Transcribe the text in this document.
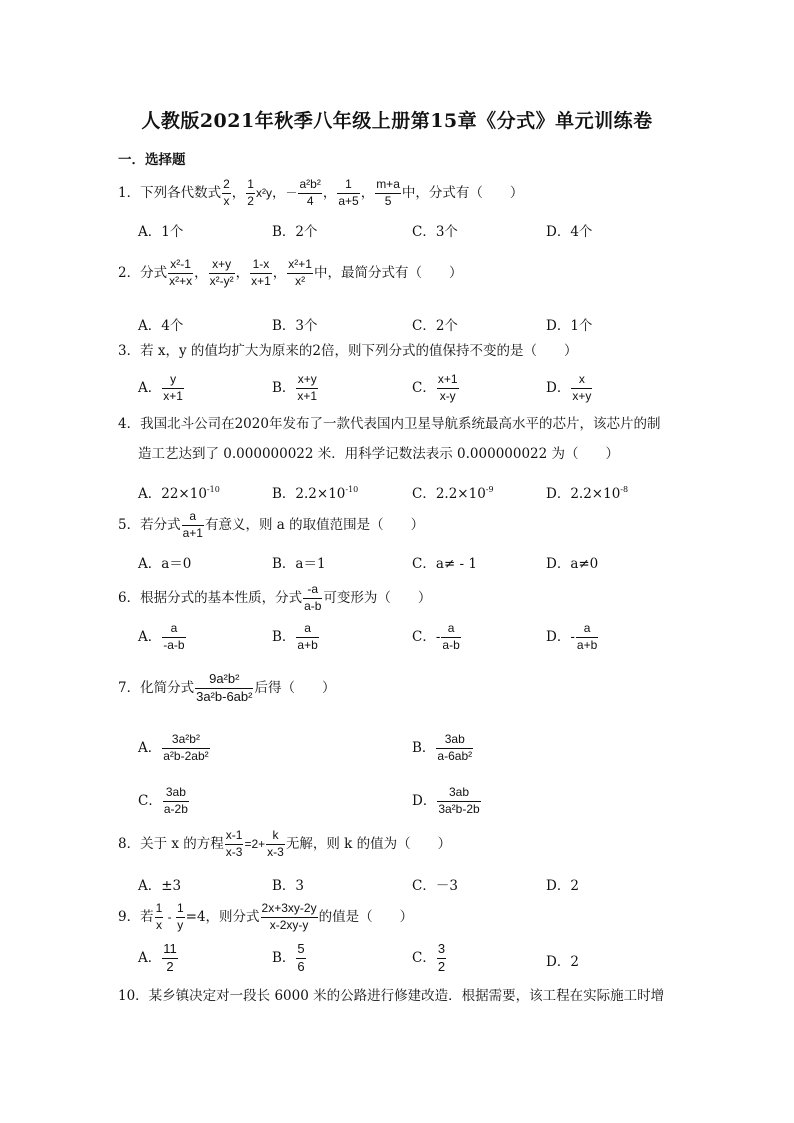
人教版2021年秋季八年级上册第15章《分式》单元训练卷
一．选择题
1．下列各代数式 $\frac{2}{x}$ ， $\frac{1}{2} x^2y$，－ $\frac{\text{a²b²}}{4}$ ， $\frac{1}{a+5}$ ， $\frac{m+a}{5}$ 中，分式有（　　）
A．1个	B．2个	C．3个	D．4个
2．分式 $\frac{\text{x²-1}}{\text{x²+x}}$ ， $\frac{x+y}{\text{x²-y²}}$ ， $\frac{1-x}{x+1}$ ， $\frac{\text{x²+1}}{\text{x²}}$ 中，最简分式有（　　）
A．4个	B．3个	C．2个	D．1个
3．若 x，y 的值均扩大为原来的2倍，则下列分式的值保持不变的是（　　）
A． $\frac{y}{x+1}$	B． $\frac{x+y}{x+1}$	C． $\frac{x+1}{x-y}$	D． $\frac{x}{x+y}$
4．我国北斗公司在2020年发布了一款代表国内卫星导航系统最高水平的芯片，该芯片的制
造工艺达到了 0.000000022 米．用科学记数法表示 0.000000022 为（　　）
A．$22\times 10^{-10}$	B．$2.2\times 10^{-10}$	C．$2.2\times 10^{-9}$	D．$2.2\times 10^{-8}$
5．若分式 $\frac{a}{a+1}$ 有意义，则 a 的取值范围是（　　）
A．a＝0	B．a＝1	C．a≠ - 1	D．a≠0
6．根据分式的基本性质，分式 $\frac{-a}{a-b}$ 可变形为（　　）
A． $\frac{a}{-a-b}$	B． $\frac{a}{a+b}$	C．- $\frac{a}{a-b}$	D．- $\frac{a}{a+b}$
7．化简分式 $\frac{\text{9a²b²}}{\text{3a²b-6ab²}}$ 后得（　　）
A． $\frac{\text{3a²b²}}{\text{a²b-2ab²}}$	B． $\frac{3ab}{\text{a-6ab²}}$
C． $\frac{3ab}{a-2b}$	D． $\frac{3ab}{\text{3a²b-2b}}$
8．关于 x 的方程 $\frac{x-1}{x-3} =2+ \frac{k}{x-3}$ 无解，则 k 的值为（　　）
A．±3	B．3	C．－3	D．2
9．若 $\frac{1}{x} - \frac{1}{y} =4$，则分式 $\frac{2x+3xy-2y}{x-2xy-y}$ 的值是（　　）
A． $\frac{11}{2}$	B． $\frac{5}{6}$	C． $\frac{3}{2}$	D．2
10．某乡镇决定对一段长 6000 米的公路进行修建改造．根据需要，该工程在实际施工时增
